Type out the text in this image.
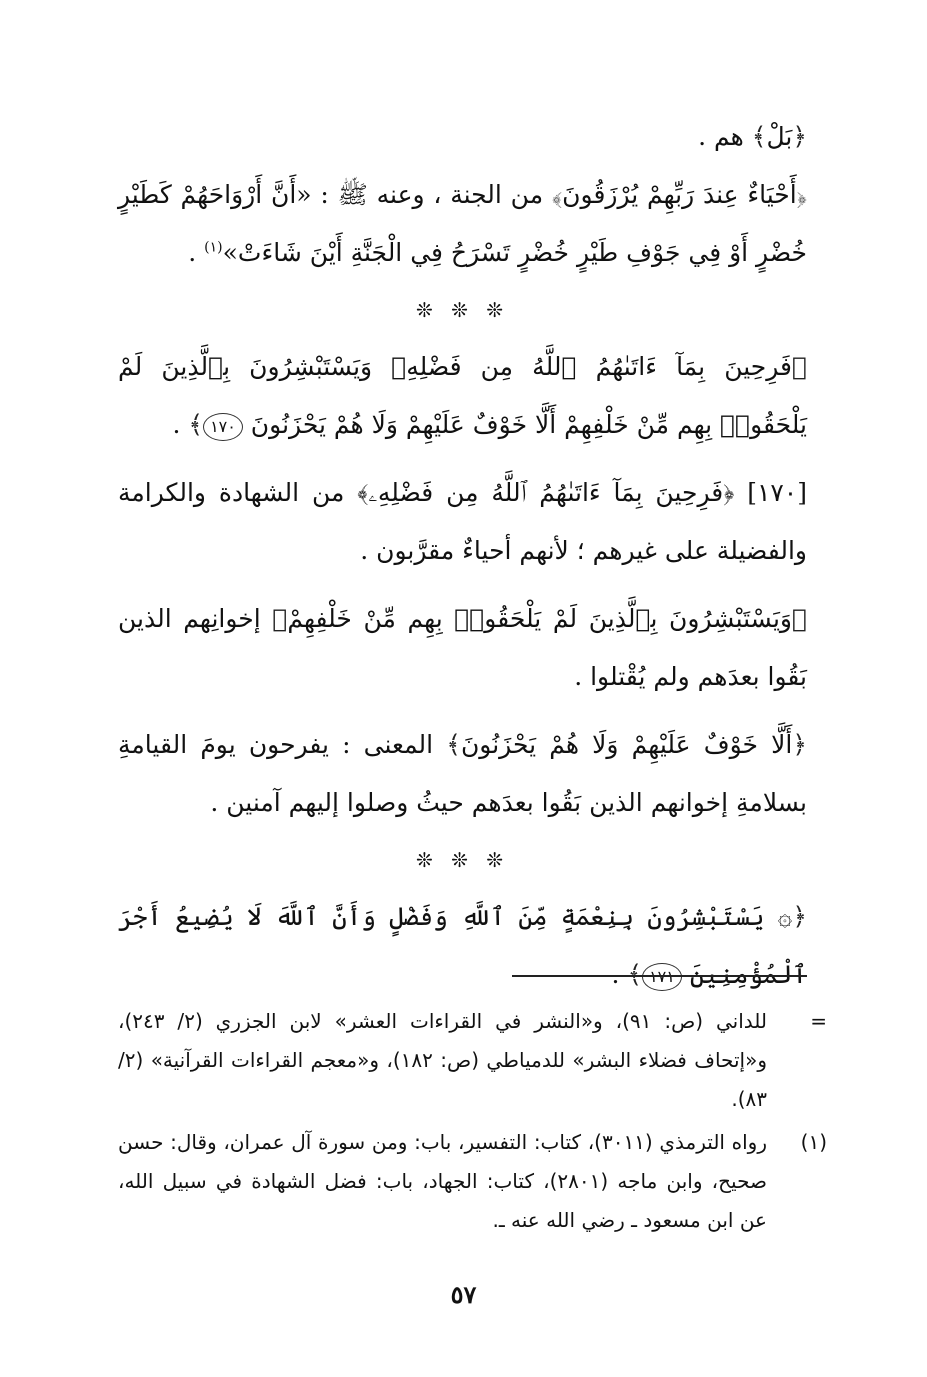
﴿بَلْ﴾ هم .

﴿أَحْيَاءٌ عِندَ رَبِّهِمْ يُرْزَقُونَ﴾ من الجنة ، وعنه ﷺ : «أَنَّ أَرْوَاحَهُمْ كَطَيْرٍ خُضْرٍ أَوْ فِي جَوْفِ طَيْرٍ خُضْرٍ تَسْرَحُ فِي الْجَنَّةِ أَيْنَ شَاءَتْ»$^{(١)}$ .

❊ ❊ ❊

﴿فَرِحِينَ بِمَآ ءَاتَىٰهُمُ ٱللَّهُ مِن فَضْلِهِۦ وَيَسْتَبْشِرُونَ بِٱلَّذِينَ لَمْ يَلْحَقُوا۟ بِهِم مِّنْ خَلْفِهِمْ أَلَّا خَوْفٌ عَلَيْهِمْ وَلَا هُمْ يَحْزَنُونَ ١٧٠﴾ .

[١٧٠] ﴿فَرِحِينَ بِمَآ ءَاتَىٰهُمُ ٱللَّهُ مِن فَضْلِهِۦ﴾ من الشهادة والكرامة والفضيلة على غيرهم ؛ لأنهم أحياءٌ مقرَّبون .

﴿وَيَسْتَبْشِرُونَ بِٱلَّذِينَ لَمْ يَلْحَقُوا۟ بِهِم مِّنْ خَلْفِهِمْ﴾ إخوانِهم الذين بَقُوا بعدَهم ولم يُقْتلوا .

﴿أَلَّا خَوْفٌ عَلَيْهِمْ وَلَا هُمْ يَحْزَنُونَ﴾ المعنى : يفرحون يومَ القيامةِ بسلامةِ إخوانهم الذين بَقُوا بعدَهم حيثُ وصلوا إليهم آمنين .

❊ ❊ ❊

﴿۞ يَسْتَبْشِرُونَ بِنِعْمَةٍ مِّنَ ٱللَّهِ وَفَضْلٍ وَأَنَّ ٱللَّهَ لَا يُضِيعُ أَجْرَ ٱلْمُؤْمِنِينَ ١٧١﴾ .

=
للداني (ص: ٩١)، و«النشر في القراءات العشر» لابن الجزري (٢/ ٢٤٣)، و«إتحاف فضلاء البشر» للدمياطي (ص: ١٨٢)، و«معجم القراءات القرآنية» (٢/ ٨٣).
(١)
رواه الترمذي (٣٠١١)، كتاب: التفسير، باب: ومن سورة آل عمران، وقال: حسن صحيح، وابن ماجه (٢٨٠١)، كتاب: الجهاد، باب: فضل الشهادة في سبيل الله، عن ابن مسعود ـ رضي الله عنه ـ.
٥٧
